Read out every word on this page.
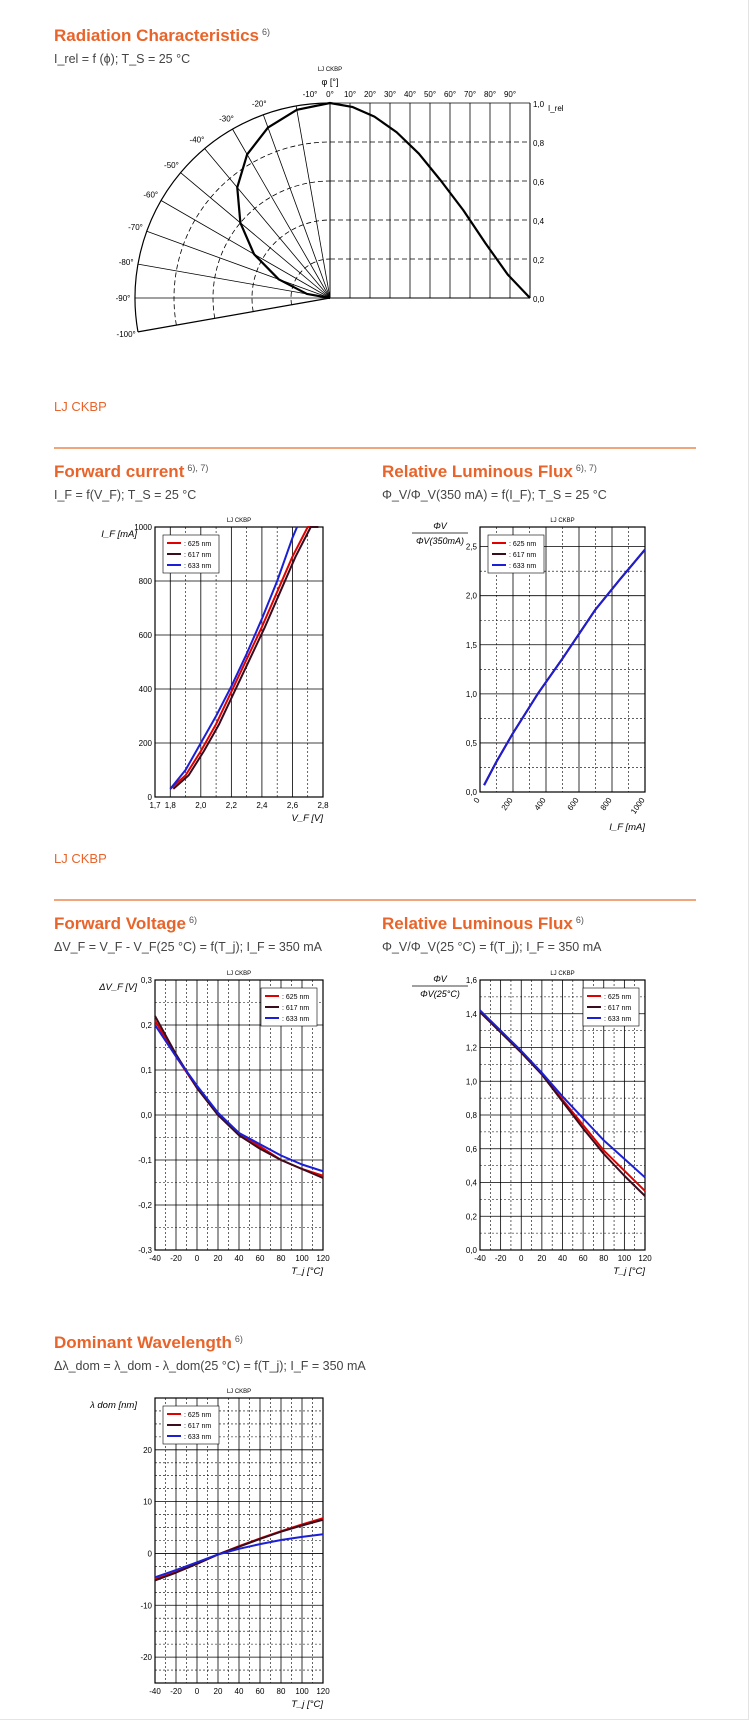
Radiation Characteristics $^{6)}$
I_rel = f (ϕ); T_S = 25 °C
-10° 0° 10° 20° 30° 40° 50° 60° 70° 80° 90°
-20°
-30°
-40°
-50°
-60°
-70°
-80°
-90°
-100°
1,0
0,8
0,6
0,4
0,2
0,0
I_rel
φ [°]
LJ CKBP
LJ CKBP
Forward current $^{6), 7)}$
I_F = f(V_F); T_S = 25 °C
1,7 1,8 2,0 2,2 2,4 2,6 2,8
0
200
400
600
800
1000
V_F [V]
I_F [mA]
LJ CKBP
: 625 nm
: 617 nm
: 633 nm
Relative Luminous Flux $^{6), 7)}$
Φ_V/Φ_V(350 mA) = f(I_F); T_S = 25 °C
0 200 400 600 800 1000
0,0
0,5
1,0
1,5
2,0
2,5
I_F [mA]
ΦV
ΦV(350mA)
LJ CKBP
: 625 nm
: 617 nm
: 633 nm
LJ CKBP
Forward Voltage $^{6)}$
ΔV_F = V_F - V_F(25 °C) = f(T_j); I_F = 350 mA
-40 -20 0 20 40 60 80 100 120
-0,3
-0,2
-0,1
0,0
0,1
0,2
0,3
T_j [°C]
ΔV_F [V]
LJ CKBP
: 625 nm
: 617 nm
: 633 nm
Relative Luminous Flux $^{6)}$
Φ_V/Φ_V(25 °C) = f(T_j); I_F = 350 mA
-40 -20 0 20 40 60 80 100 120
0,0
0,2
0,4
0,6
0,8
1,0
1,2
1,4
1,6
T_j [°C]
ΦV
ΦV(25°C)
LJ CKBP
: 625 nm
: 617 nm
: 633 nm
Dominant Wavelength $^{6)}$
Δλ_dom = λ_dom - λ_dom(25 °C) = f(T_j); I_F = 350 mA
-40 -20 0 20 40 60 80 100 120
-20
-10
0
10
20
T_j [°C]
λ dom [nm]
LJ CKBP
: 625 nm
: 617 nm
: 633 nm
